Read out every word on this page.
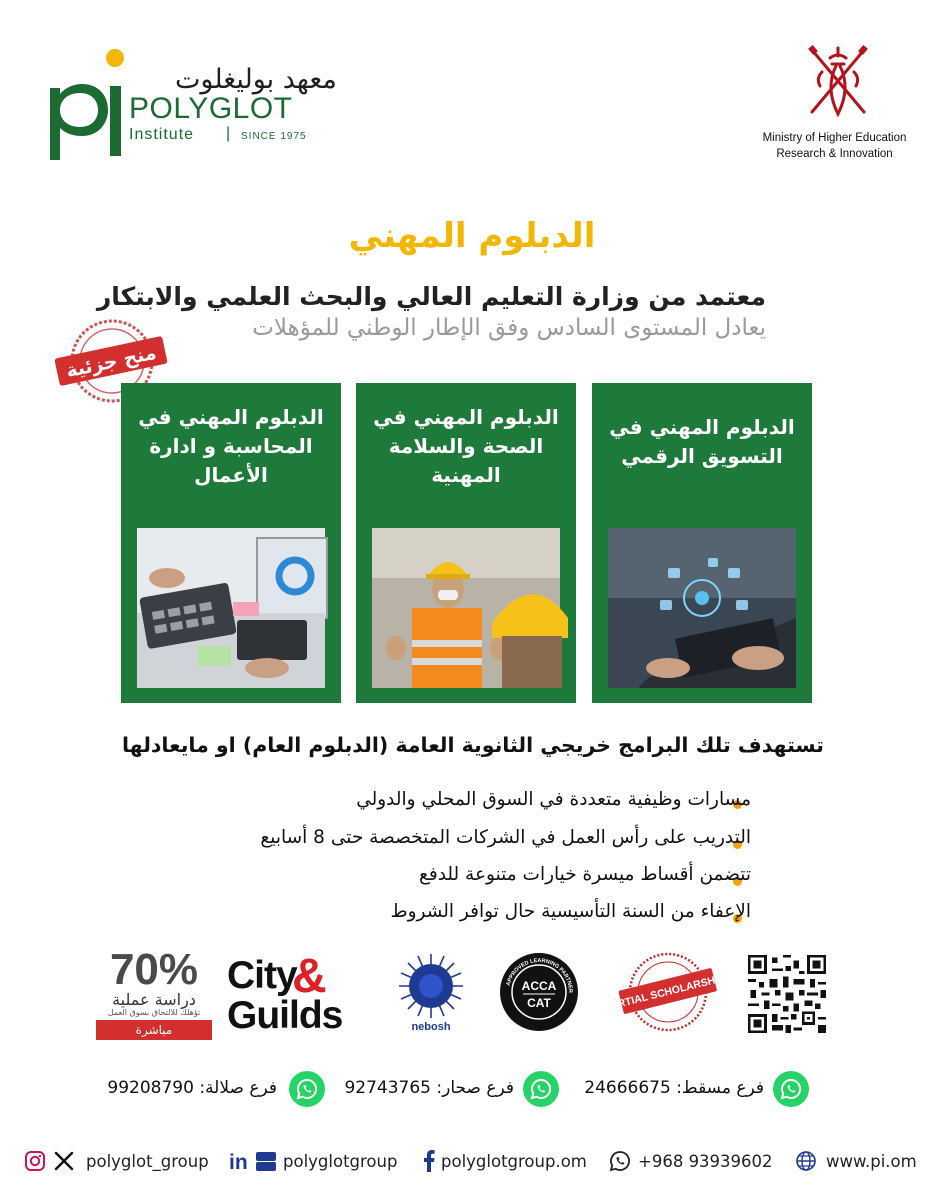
معهد بوليغلوت
POLYGLOT
Institute | SINCE 1975	Ministry of Higher Education
Research & Innovation
الدبلوم المهني
معتمد من وزارة التعليم العالي والبحث العلمي والابتكار
يعادل المستوى السادس وفق الإطار الوطني للمؤهلات
منح جزئية
الدبلوم المهني في التسويق الرقمي
الدبلوم المهني في الصحة والسلامة المهنية
الدبلوم المهني في المحاسبة و ادارة الأعمال
تستهدف تلك البرامج خريجي الثانوية العامة (الدبلوم العام) او مايعادلها
مسارات وظيفية متعددة في السوق المحلي والدولي
التدريب على رأس العمل في الشركات المتخصصة حتى 8 أسابيع
تتضمن أقساط ميسرة خيارات متنوعة للدفع
الإعفاء من السنة التأسيسية حال توافر الشروط
PARTIAL SCHOLARSHIPS
ACCA
CAT
APPROVED LEARNING PARTNER
nebosh
City
&
Guilds
70%
دراسة عملية
تؤهلك للالتحاق بسوق العمل
مباشرة
فرع مسقط: 24666675
فرع صحار: 92743765
فرع صلالة: 99208790
www.pi.om
+968 93939602
polyglotgroup.om
in polyglotgroup
polyglot_group
